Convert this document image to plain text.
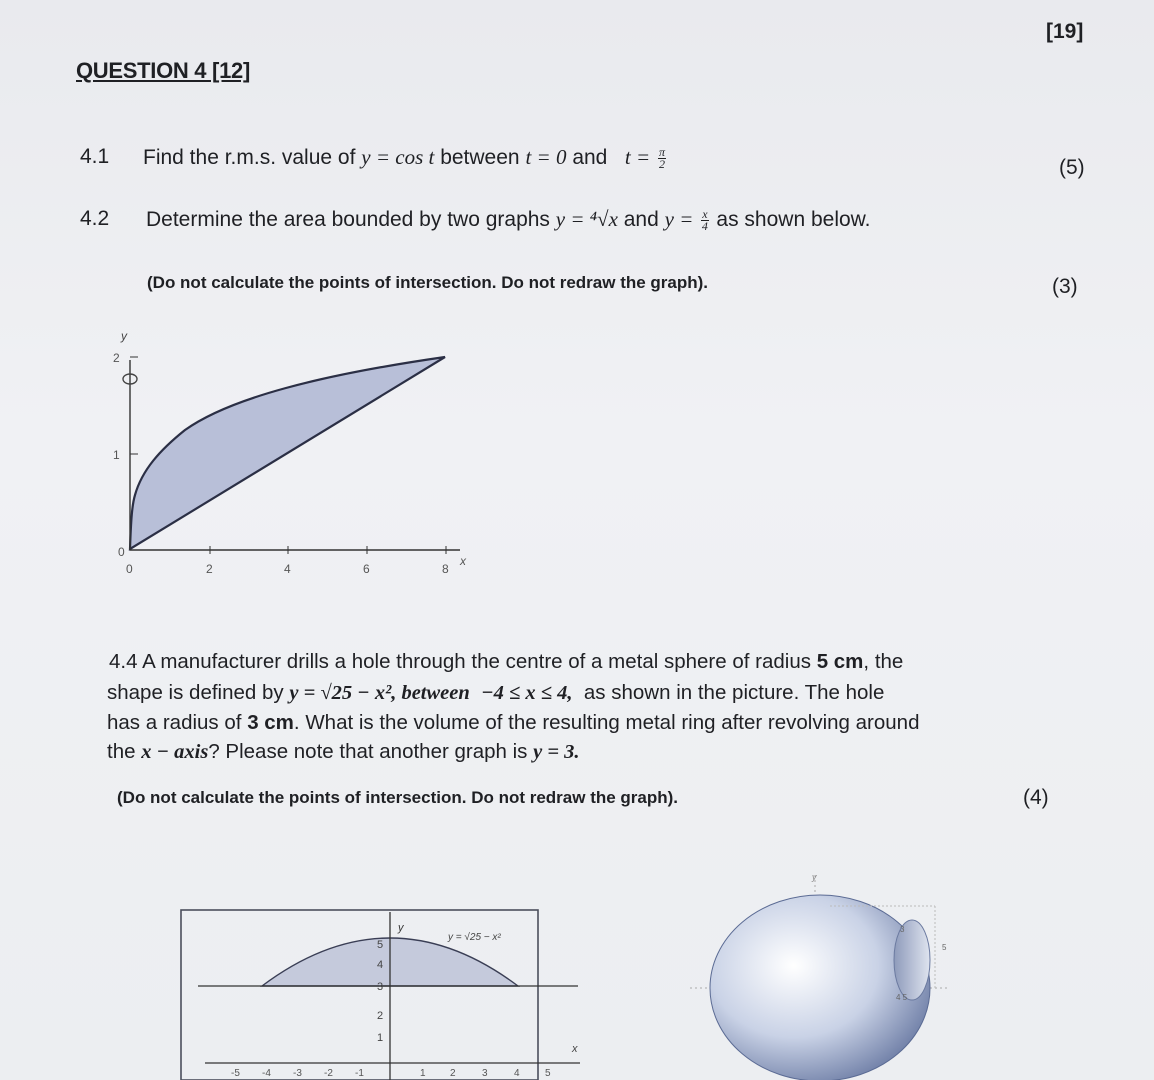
[19]
QUESTION 4 [12]
4.1 Find the r.m.s. value of y = cos t between t = 0 and $t = \frac{\pi}{2}$	(5)
4.2 Determine the area bounded by two graphs y = ⁴√x and $y = \frac{x}{4}$ as shown below.
(Do not calculate the points of intersection. Do not redraw the graph).	(3)
y
2
1
0
0	2	4	6	8
x
4.4 A manufacturer drills a hole through the centre of a metal sphere of radius 5 cm, the
shape is defined by y = √25 − x², between −4 ≤ x ≤ 4, as shown in the picture. The hole
has a radius of 3 cm. What is the volume of the resulting metal ring after revolving around
the x − axis? Please note that another graph is y = 3.
(Do not calculate the points of intersection. Do not redraw the graph).	(4)
y
y = √25 − x²
5
4
3
2
1
x
-5 -4 -3 -2 -1	1 2	3	4	5
y
3
5
4 5
